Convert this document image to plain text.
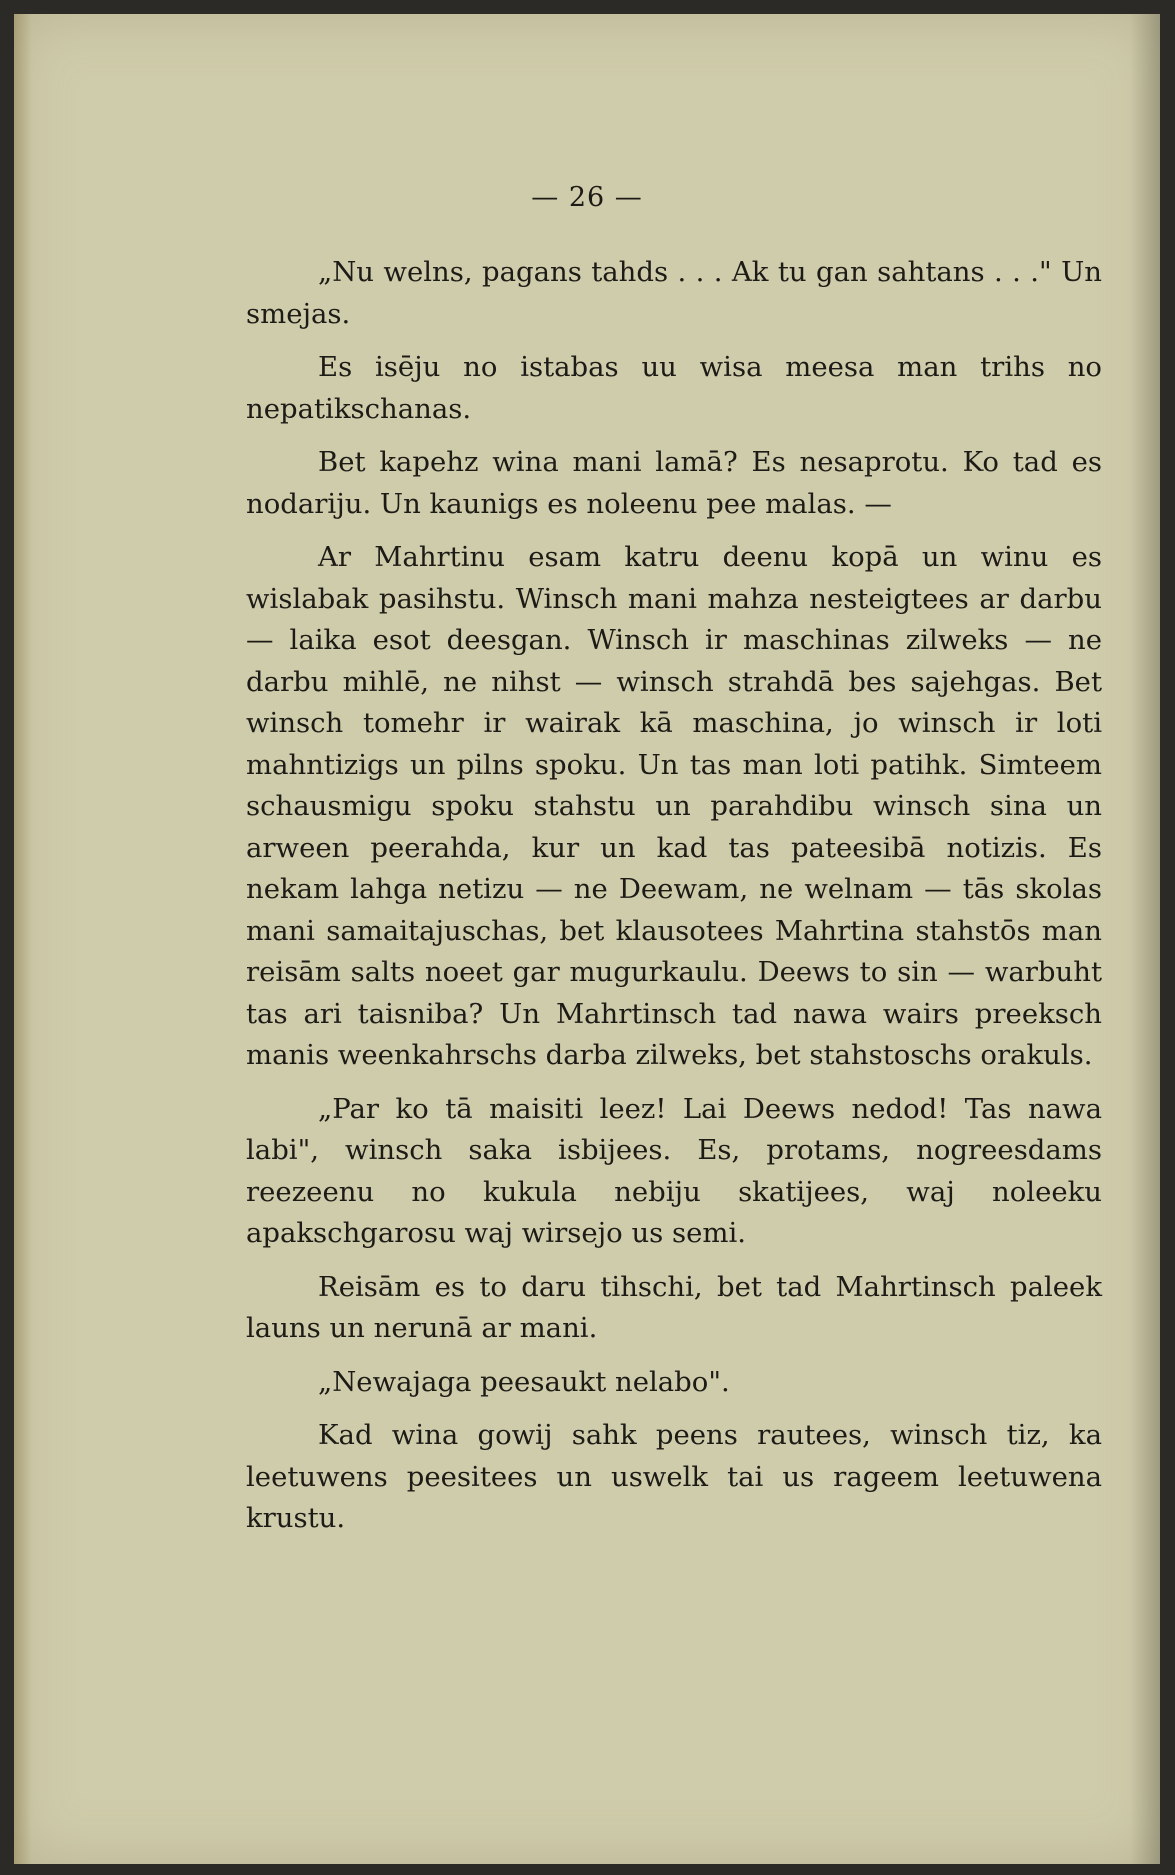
— 26 —

„Nu welns, pagans tahds . . . Ak tu gan sahtans . . ." Un smejas.

Es isēju no istabas uu wisa meesa man trihs no nepatikschanas.

Bet kapehz wina mani lamā? Es nesaprotu. Ko tad es nodariju. Un kaunigs es noleenu pee malas. —

Ar Mahrtinu esam katru deenu kopā un winu es wislabak pasihstu. Winsch mani mahza nesteigtees ar darbu — laika esot deesgan. Winsch ir maschinas zilweks — ne darbu mihlē, ne nihst — winsch strahdā bes sajehgas. Bet winsch tomehr ir wairak kā maschina, jo winsch ir loti mahntizigs un pilns spoku. Un tas man loti patihk. Simteem schausmigu spoku stahstu un parahdibu winsch sina un arween peerahda, kur un kad tas pateesibā notizis. Es nekam lahga netizu — ne Deewam, ne welnam — tās skolas mani samaitajuschas, bet klausotees Mahrtina stahstōs man reisām salts noeet gar mugurkaulu. Deews to sin — warbuht tas ari taisniba? Un Mahrtinsch tad nawa wairs preeksch manis weenkahrschs darba zilweks, bet stahstoschs orakuls.

„Par ko tā maisiti leez! Lai Deews nedod! Tas nawa labi", winsch saka isbijees. Es, protams, nogreesdams reezeenu no kukula nebiju skatijees, waj noleeku apakschgarosu waj wirsejo us semi.

Reisām es to daru tihschi, bet tad Mahrtinsch paleek launs un nerunā ar mani.

„Newajaga peesaukt nelabo".

Kad wina gowij sahk peens rautees, winsch tiz, ka leetuwens peesitees un uswelk tai us rageem leetuwena krustu.
